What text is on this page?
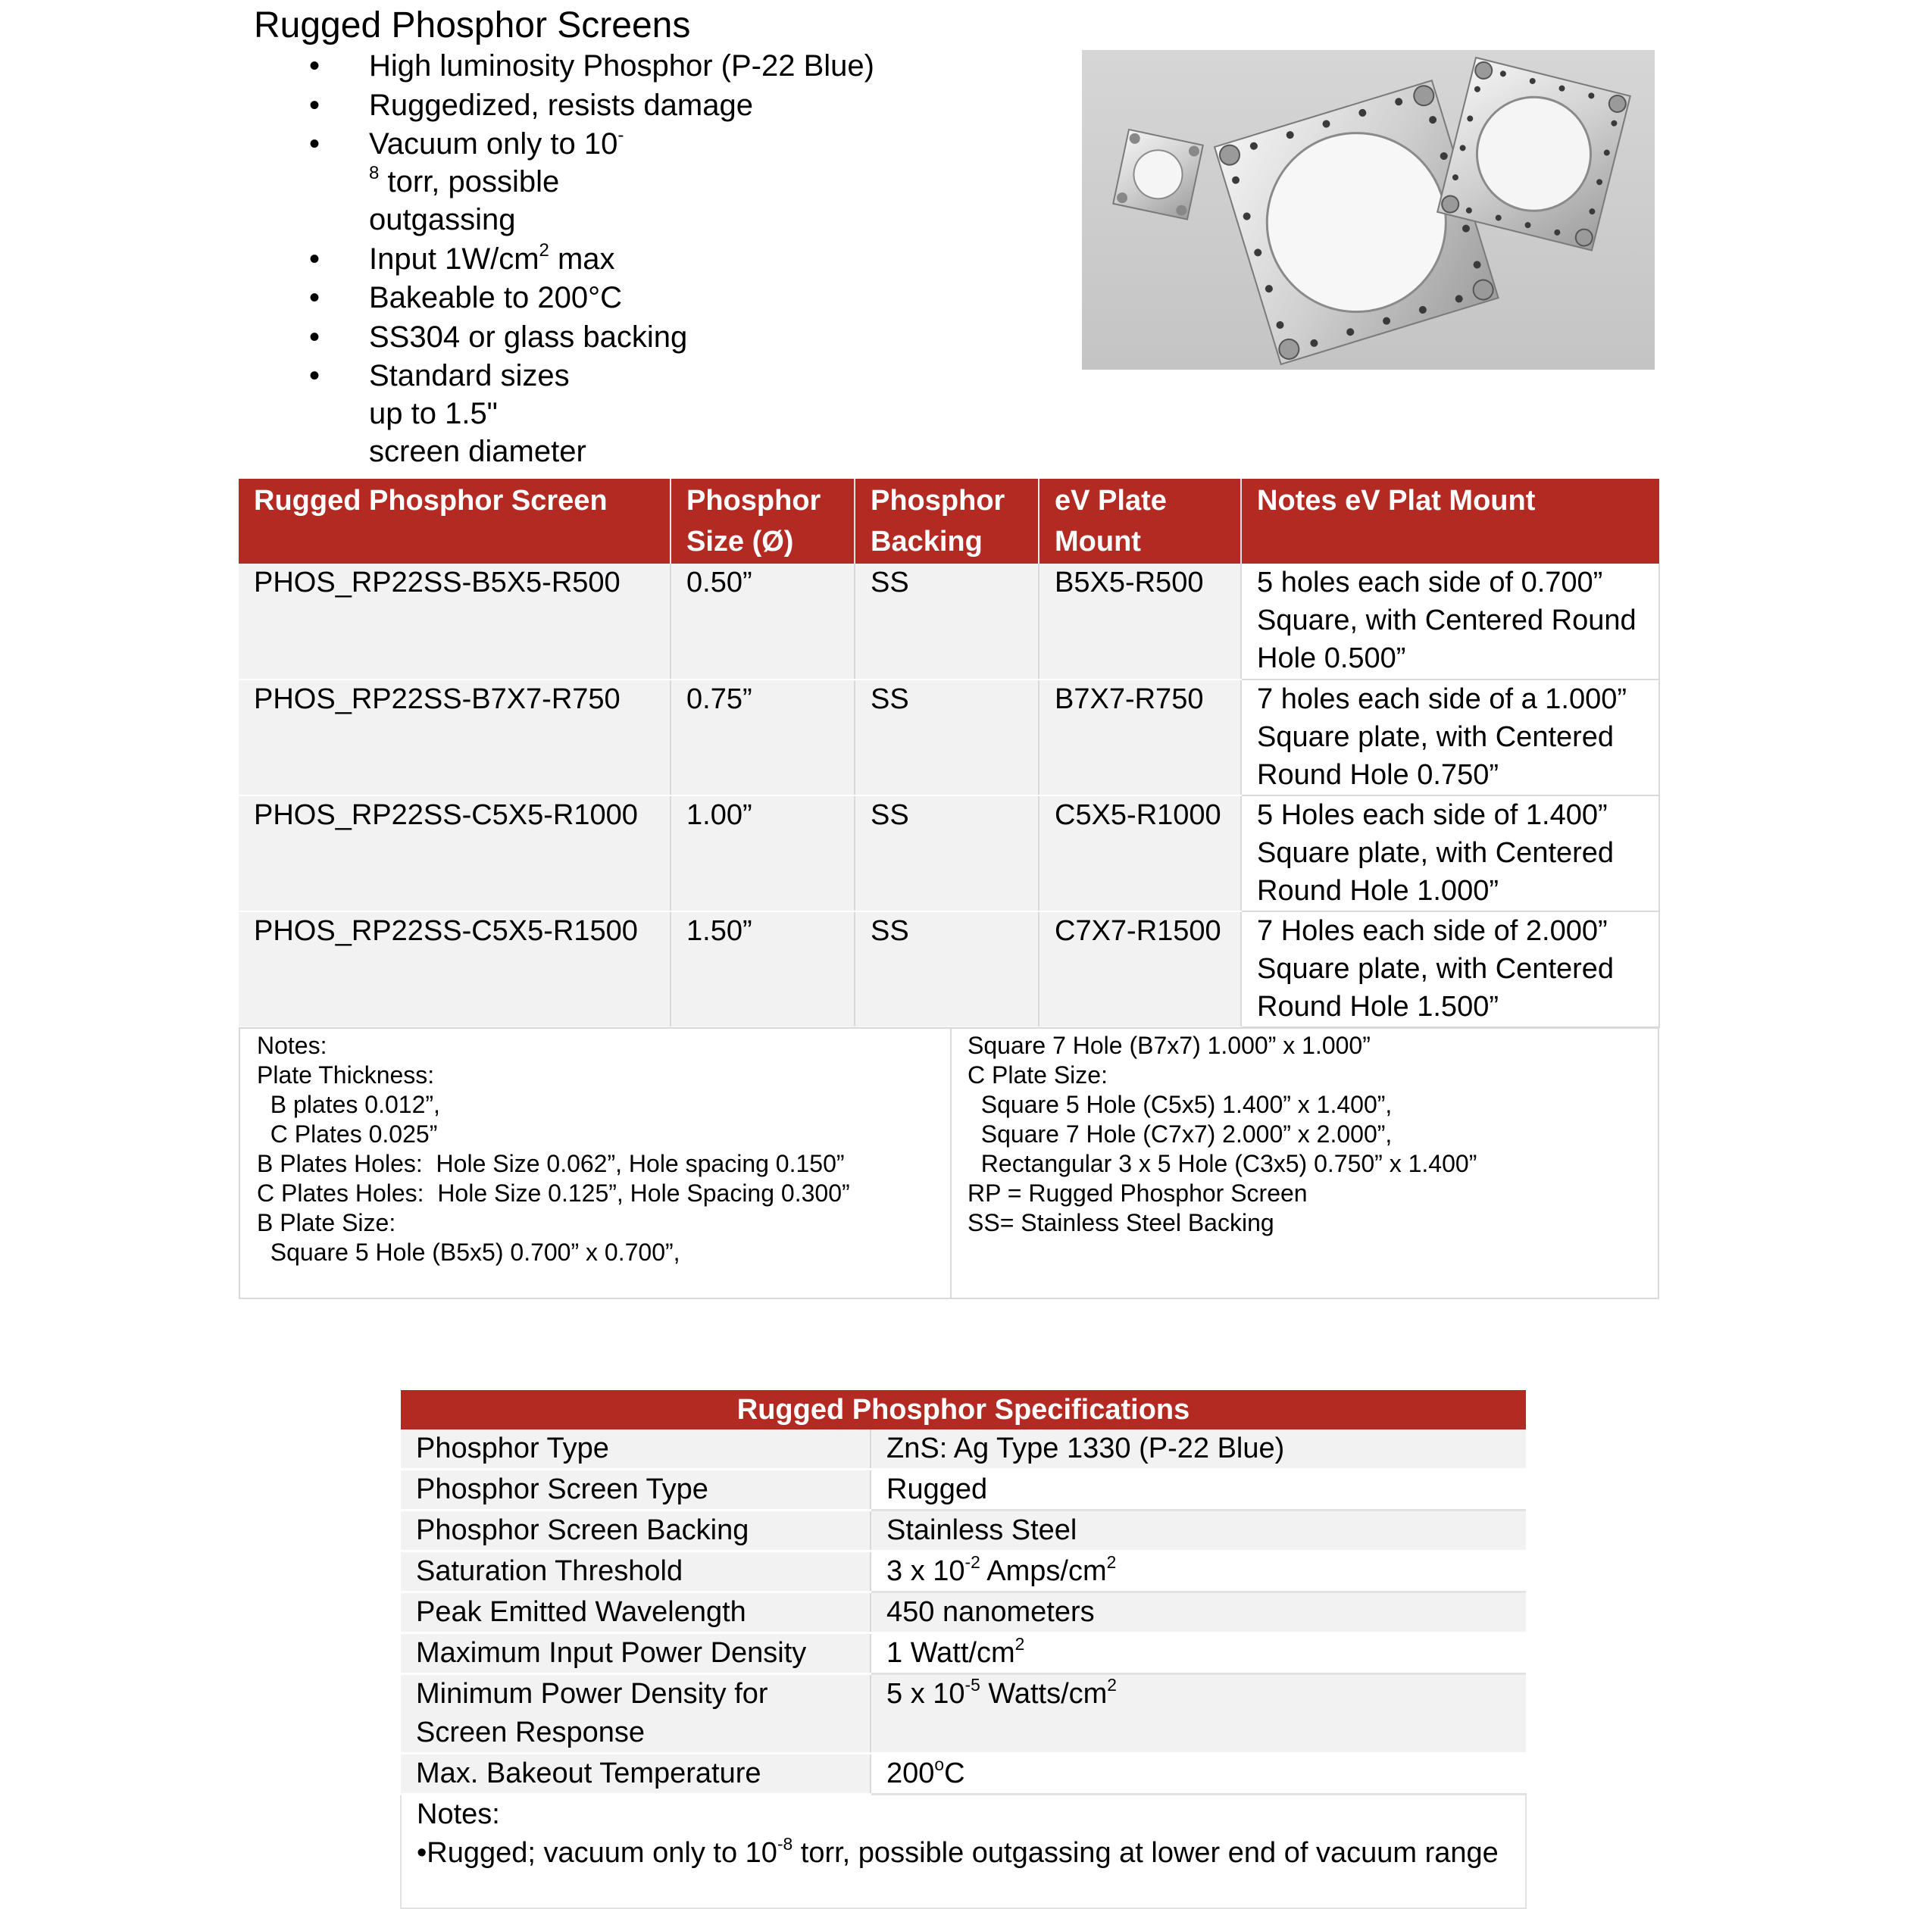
Rugged Phosphor Screens
• High luminosity Phosphor (P-22 Blue)
• Ruggedized, resists damage
• Vacuum only to $10^{-8}$ torr, possible outgassing
• Input $1W/cm^2$ max
• Bakeable to 200°C
• SS304 or glass backing
• Standard sizes up to 1.5" screen diameter
Rugged Phosphor Screen	Phosphor Size (Ø)	Phosphor Backing	eV Plate Mount	Notes eV Plat Mount
PHOS_RP22SS-B5X5-R500	0.50”	SS	B5X5-R500	5 holes each side of 0.700” Square, with Centered Round Hole 0.500”
PHOS_RP22SS-B7X7-R750	0.75”	SS	B7X7-R750	7 holes each side of a 1.000” Square plate, with Centered Round Hole 0.750”
PHOS_RP22SS-C5X5-R1000	1.00”	SS	C5X5-R1000	5 Holes each side of 1.400” Square plate, with Centered Round Hole 1.000”
PHOS_RP22SS-C5X5-R1500	1.50”	SS	C7X7-R1500	7 Holes each side of 2.000” Square plate, with Centered Round Hole 1.500”

Notes:

Plate Thickness:

B plates 0.012”,

C Plates 0.025”

B Plates Holes:  Hole Size 0.062”, Hole spacing 0.150”

C Plates Holes:  Hole Size 0.125”, Hole Spacing 0.300”

B Plate Size:

Square 5 Hole (B5x5) 0.700” x 0.700”,

Square 7 Hole (B7x7) 1.000” x 1.000”

C Plate Size:

Square 5 Hole (C5x5) 1.400” x 1.400”,

Square 7 Hole (C7x7) 2.000” x 2.000”,

Rectangular 3 x 5 Hole (C3x5) 0.750” x 1.400”

RP = Rugged Phosphor Screen

SS= Stainless Steel Backing

Rugged Phosphor Specifications	
Phosphor Type	ZnS: Ag Type 1330 (P-22 Blue)
Phosphor Screen Type	Rugged
Phosphor Screen Backing	Stainless Steel
Saturation Threshold	3 x $10^{-2}$ Amps/$cm^2$
Peak Emitted Wavelength	450 nanometers
Maximum Input Power Density	1 Watt/$cm^2$
Minimum Power Density for Screen Response	5 x $10^{-5}$ Watts/$cm^2$
Max. Bakeout Temperature	200$^o$C

Notes:
•Rugged; vacuum only to $10^{-8}$ torr, possible outgassing at lower end of vacuum range	
